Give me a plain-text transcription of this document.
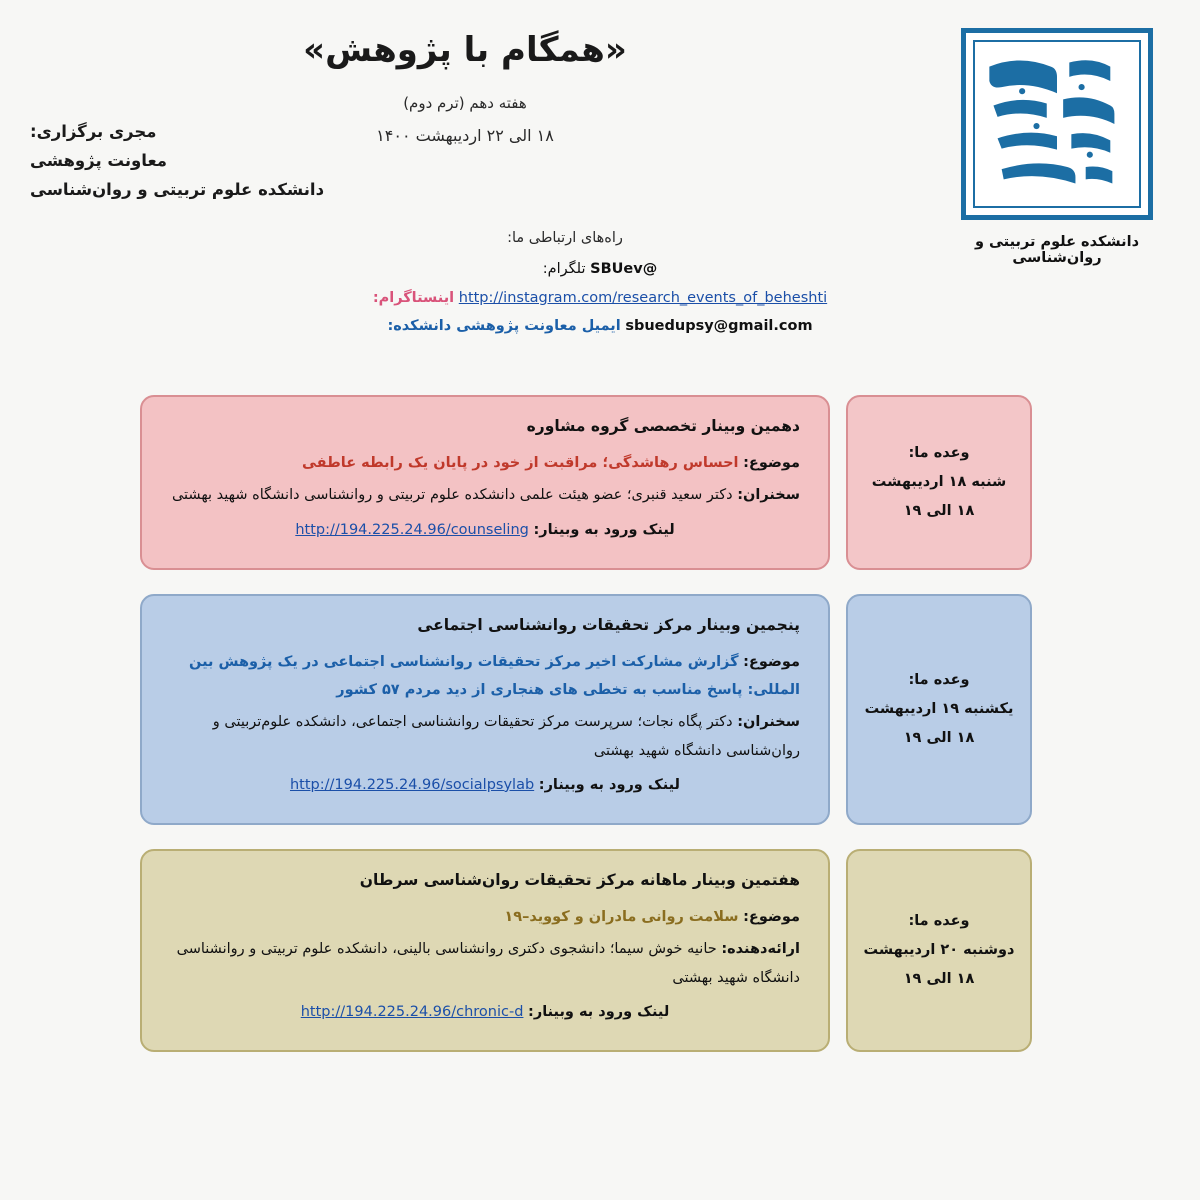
دانشکده علوم تربیتی و روان‌شناسی
«همگام با پژوهش»
هفته دهم (ترم دوم)
۱۸ الی ۲۲ اردیبهشت ۱۴۰۰
مجری برگزاری:
معاونت پژوهشی
دانشکده علوم تربیتی و روان‌شناسی
راه‌های ارتباطی ما:
@SBUev تلگرام:
http://instagram.com/research_events_of_beheshti اینستاگرام:
sbuedupsy@gmail.com ایمیل معاونت پژوهشی دانشکده:
وعده ما:
شنبه ۱۸ اردیبهشت
۱۸ الی ۱۹
دهمین وبینار تخصصی گروه مشاوره
موضوع: احساس رهاشدگی؛ مراقبت از خود در پایان یک رابطه عاطفی
سخنران: دکتر سعید قنبری؛ عضو هیئت علمی دانشکده علوم تربیتی و روانشناسی دانشگاه شهید بهشتی
لینک ورود به وبینار: http://194.225.24.96/counseling
وعده ما:
یکشنبه ۱۹ اردیبهشت
۱۸ الی ۱۹
پنجمین وبینار مرکز تحقیقات روانشناسی اجتماعی
موضوع: گزارش مشارکت اخیر مرکز تحقیقات روانشناسی اجتماعی در یک پژوهش بین المللی: پاسخ مناسب به تخطی های هنجاری از دید مردم ۵۷ کشور
سخنران: دکتر پگاه نجات؛ سرپرست مرکز تحقیقات روانشناسی اجتماعی، دانشکده علوم‌تربیتی و روان‌شناسی دانشگاه شهید بهشتی
لینک ورود به وبینار: http://194.225.24.96/socialpsylab
وعده ما:
دوشنبه ۲۰ اردیبهشت
۱۸ الی ۱۹
هفتمین وبینار ماهانه مرکز تحقیقات روان‌شناسی سرطان
موضوع: سلامت روانی مادران و کووید–۱۹
ارائه‌دهنده: حانیه خوش سیما؛ دانشجوی دکتری روانشناسی بالینی، دانشکده علوم تربیتی و روانشناسی دانشگاه شهید بهشتی
لینک ورود به وبینار: http://194.225.24.96/chronic-d
